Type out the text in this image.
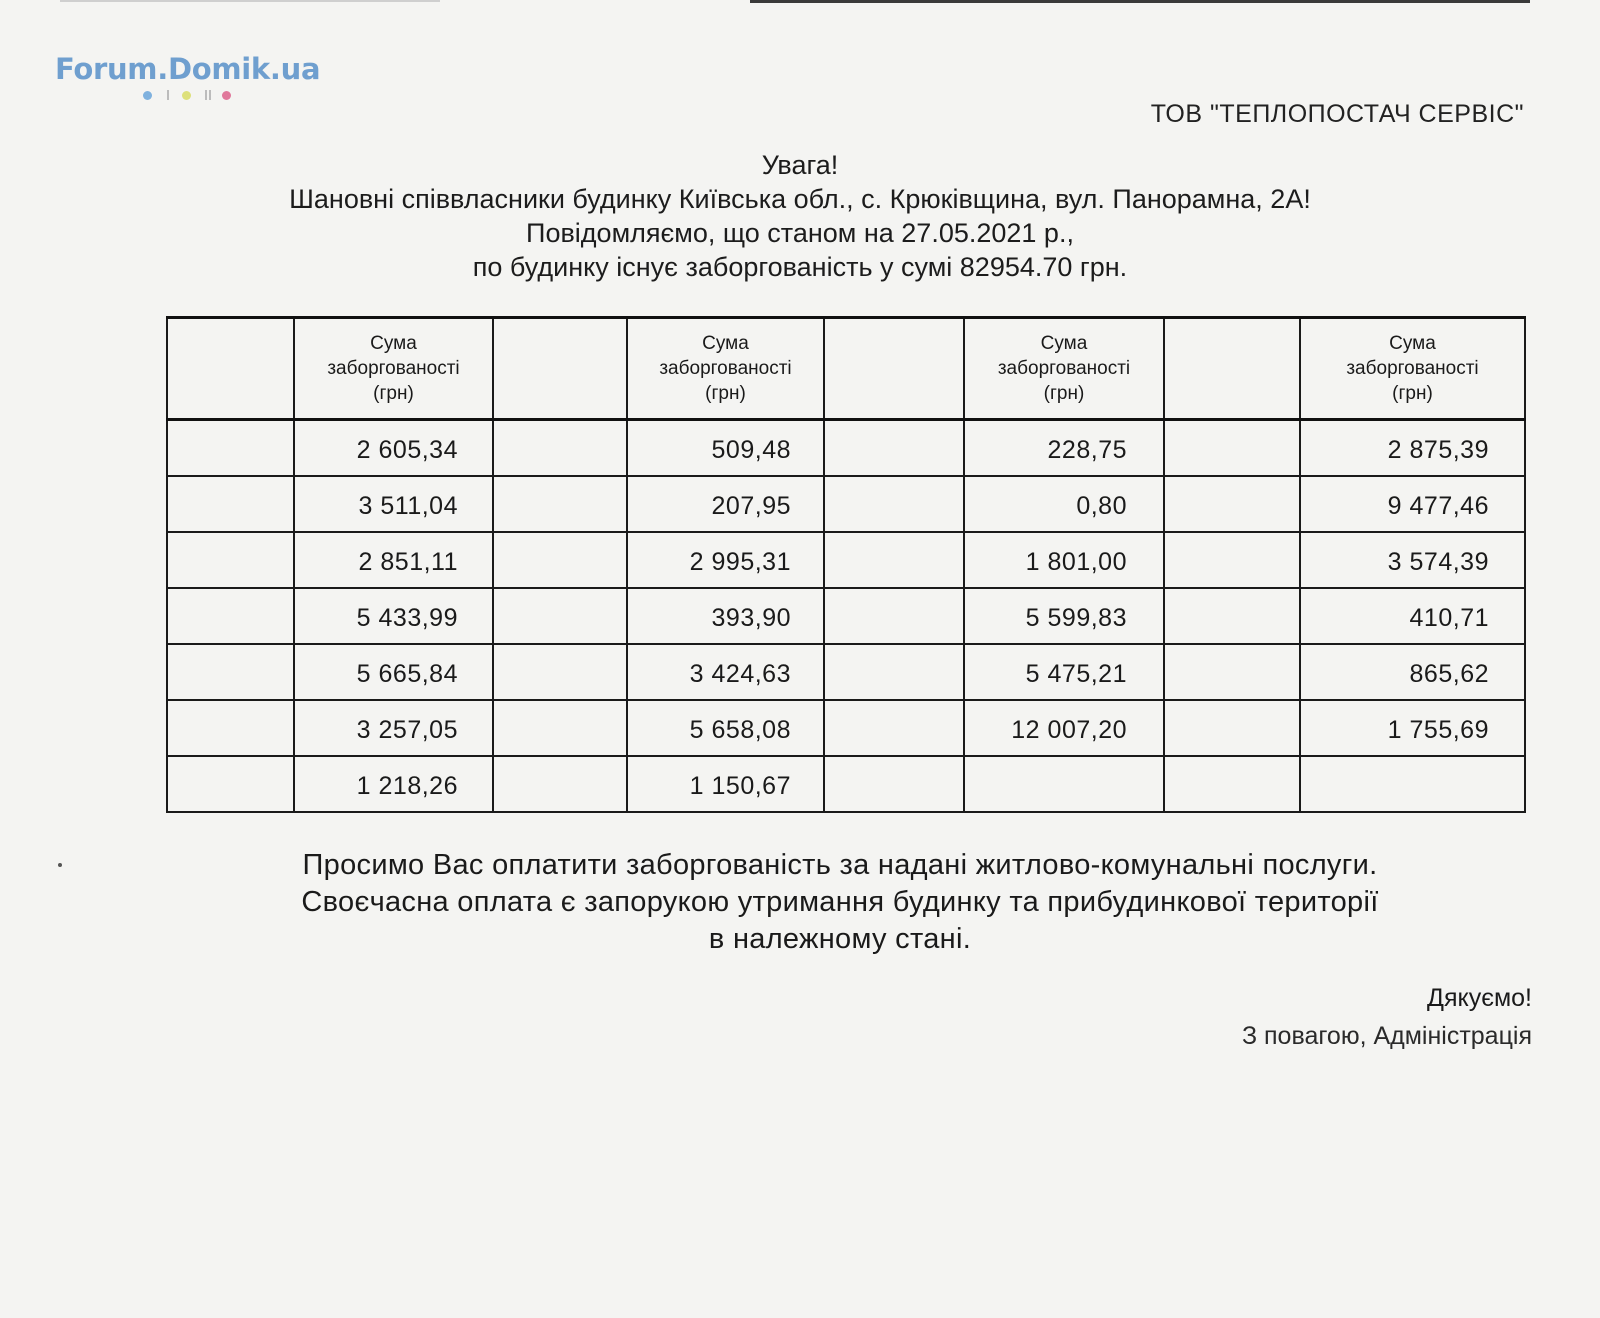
Forum.Domik.ua
ТОВ "ТЕПЛОПОСТАЧ СЕРВІС"
Увага!
Шановні співвласники будинку Київська обл., с. Крюківщина, вул. Панорамна, 2А!
Повідомляємо, що станом на 27.05.2021 р.,
по будинку існує заборгованість у сумі 82954.70 грн.
	Сума
заборгованості
(грн)		Сума
заборгованості
(грн)		Сума
заборгованості
(грн)		Сума
заборгованості
(грн)
	2 605,34		509,48		228,75		2 875,39
	3 511,04		207,95		0,80		9 477,46
	2 851,11		2 995,31		1 801,00		3 574,39
	5 433,99		393,90		5 599,83		410,71
	5 665,84		3 424,63		5 475,21		865,62
	3 257,05		5 658,08		12 007,20		1 755,69
	1 218,26		1 150,67				
Просимо Вас оплатити заборгованість за надані житлово-комунальні послуги.
Своєчасна оплата є запорукою утримання будинку та прибудинкової території
в належному стані.
Дякуємо!
З повагою, Адміністрація
